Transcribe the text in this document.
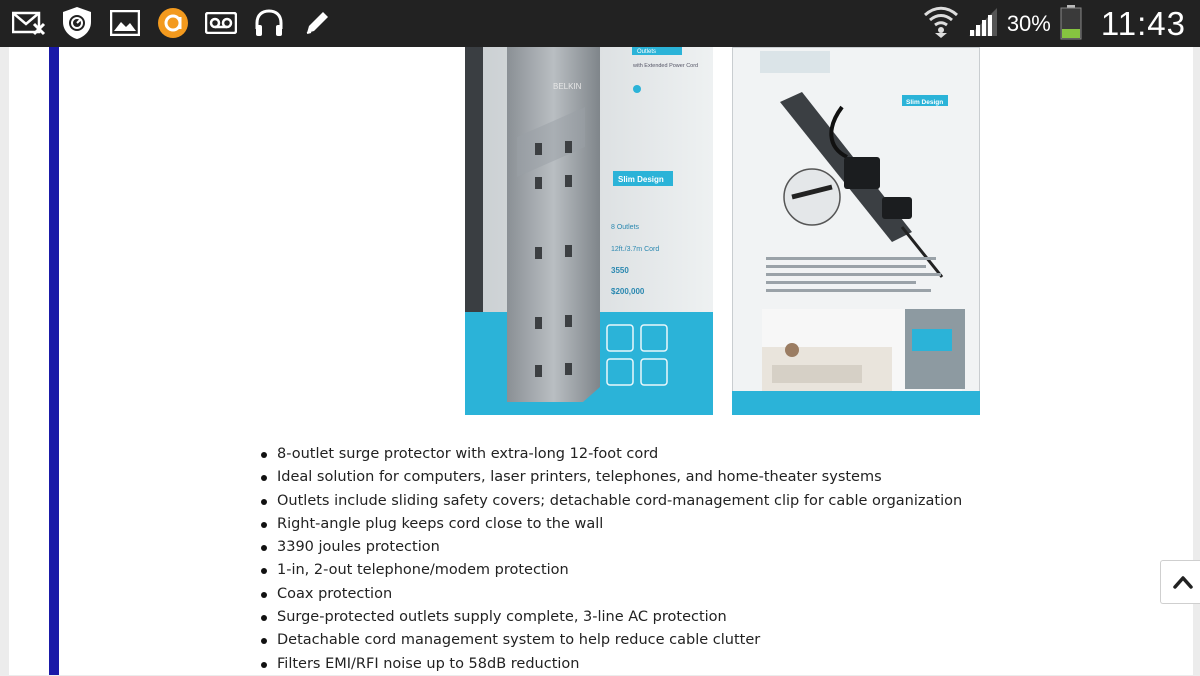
30% 11:43
BELKIN
Outlets
with Extended Power Cord
Slim Design
8 Outlets
12ft./3.7m Cord
3550
$200,000
Slim Design
8-outlet surge protector with extra-long 12-foot cord
Ideal solution for computers, laser printers, telephones, and home-theater systems
Outlets include sliding safety covers; detachable cord-management clip for cable organization
Right-angle plug keeps cord close to the wall
3390 joules protection
1-in, 2-out telephone/modem protection
Coax protection
Surge-protected outlets supply complete, 3-line AC protection
Detachable cord management system to help reduce cable clutter
Filters EMI/RFI noise up to 58dB reduction
